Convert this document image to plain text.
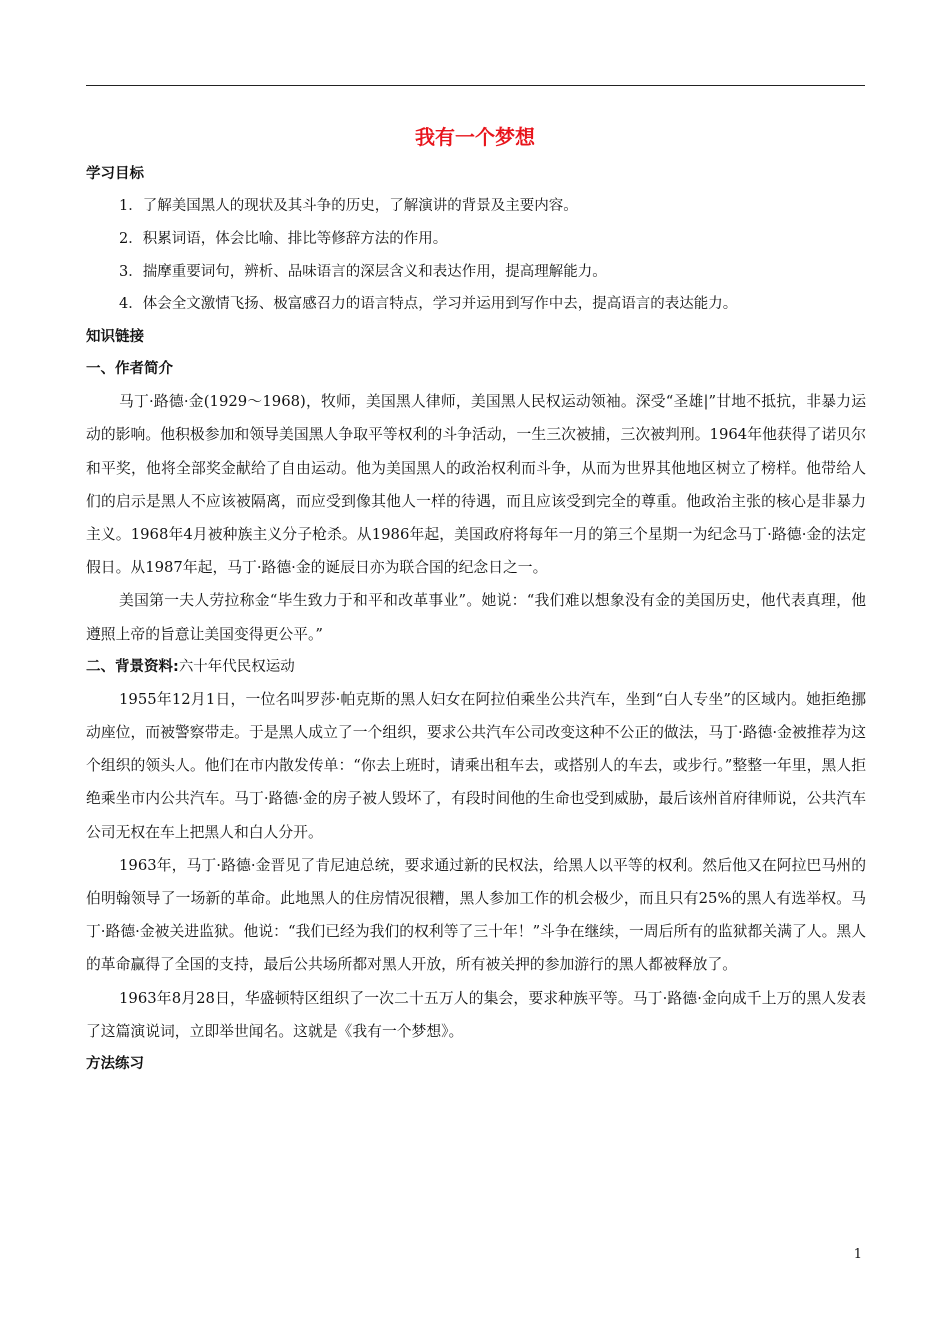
我有一个梦想

学习目标

1．了解美国黑人的现状及其斗争的历史，了解演讲的背景及主要内容。

2．积累词语，体会比喻、排比等修辞方法的作用。

3．揣摩重要词句，辨析、品味语言的深层含义和表达作用，提高理解能力。

4．体会全文激情飞扬、极富感召力的语言特点，学习并运用到写作中去，提高语言的表达能力。

知识链接

一、作者简介

马丁·路德·金(1929～1968)，牧师，美国黑人律师，美国黑人民权运动领袖。深受“圣雄|”甘地不抵抗，非暴力运动的影响。他积极参加和领导美国黑人争取平等权利的斗争活动，一生三次被捕，三次被判刑。1964年他获得了诺贝尔和平奖，他将全部奖金献给了自由运动。他为美国黑人的政治权利而斗争，从而为世界其他地区树立了榜样。他带给人们的启示是黑人不应该被隔离，而应受到像其他人一样的待遇，而且应该受到完全的尊重。他政治主张的核心是非暴力主义。1968年4月被种族主义分子枪杀。从1986年起，美国政府将每年一月的第三个星期一为纪念马丁·路德·金的法定假日。从1987年起，马丁·路德·金的诞辰日亦为联合国的纪念日之一。

美国第一夫人劳拉称金“毕生致力于和平和改革事业”。她说：“我们难以想象没有金的美国历史，他代表真理，他遵照上帝的旨意让美国变得更公平。”

二、背景资料:六十年代民权运动

1955年12月1日，一位名叫罗莎·帕克斯的黑人妇女在阿拉伯乘坐公共汽车，坐到“白人专坐”的区域内。她拒绝挪动座位，而被警察带走。于是黑人成立了一个组织，要求公共汽车公司改变这种不公正的做法，马丁·路德·金被推荐为这个组织的领头人。他们在市内散发传单：“你去上班时，请乘出租车去，或搭别人的车去，或步行。”整整一年里，黑人拒绝乘坐市内公共汽车。马丁·路德·金的房子被人毁坏了，有段时间他的生命也受到威胁，最后该州首府律师说，公共汽车公司无权在车上把黑人和白人分开。

1963年，马丁·路德·金晋见了肯尼迪总统，要求通过新的民权法，给黑人以平等的权利。然后他又在阿拉巴马州的伯明翰领导了一场新的革命。此地黑人的住房情况很糟，黑人参加工作的机会极少，而且只有25%的黑人有选举权。马丁·路德·金被关进监狱。他说：“我们已经为我们的权利等了三十年！”斗争在继续，一周后所有的监狱都关满了人。黑人的革命赢得了全国的支持，最后公共场所都对黑人开放，所有被关押的参加游行的黑人都被释放了。

1963年8月28日，华盛顿特区组织了一次二十五万人的集会，要求种族平等。马丁·路德·金向成千上万的黑人发表了这篇演说词，立即举世闻名。这就是《我有一个梦想》。

方法练习

1
